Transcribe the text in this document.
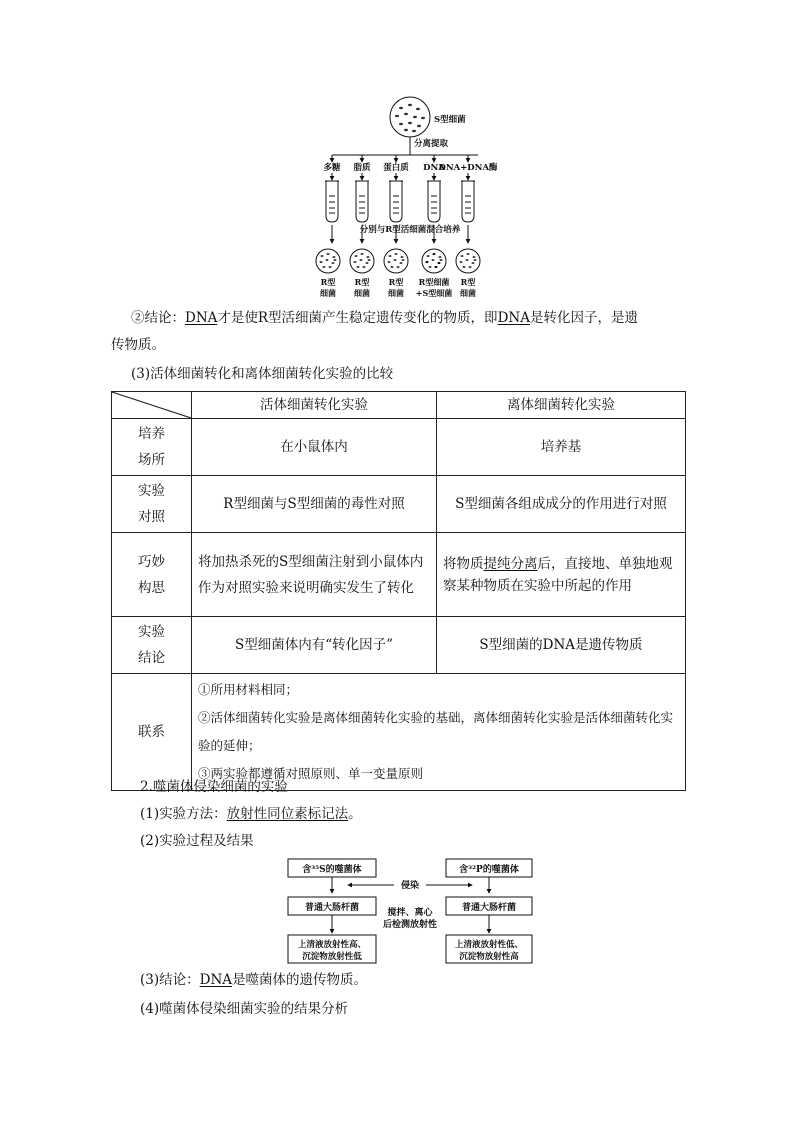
S型细菌
分离提取
多糖 脂质 蛋白质 DNA
DNA+DNA酶
分别与R型活细菌混合培养
R型
细菌
R型
细菌
R型
细菌
R型细菌
+S型细菌
R型
细菌
②结论：DNA才是使R型活细菌产生稳定遗传变化的物质，即DNA是转化因子，是遗
传物质。
(3)活体细菌转化和离体细菌转化实验的比较
	活体细菌转化实验	离体细菌转化实验
培养
场所	在小鼠体内	培养基
实验
对照	R型细菌与S型细菌的毒性对照	S型细菌各组成成分的作用进行对照
巧妙
构思	将加热杀死的S型细菌注射到小鼠体内作为对照实验来说明确实发生了转化	将物质提纯分离后，直接地、单独地观察某种物质在实验中所起的作用
实验
结论	S型细菌体内有“转化因子”	S型细菌的DNA是遗传物质
联系	①所用材料相同；
②活体细菌转化实验是离体细菌转化实验的基础，离体细菌转化实验是活体细菌转化实验的延伸；
③两实验都遵循对照原则、单一变量原则	
2.噬菌体侵染细菌的实验
(1)实验方法：放射性同位素标记法。
(2)实验过程及结果
含³⁵S的噬菌体	含³²P的噬菌体
侵染
普通大肠杆菌	普通大肠杆菌
搅拌、离心
后检测放射性
上清液放射性高、
沉淀物放射性低
上清液放射性低、
沉淀物放射性高
(3)结论：DNA是噬菌体的遗传物质。
(4)噬菌体侵染细菌实验的结果分析
